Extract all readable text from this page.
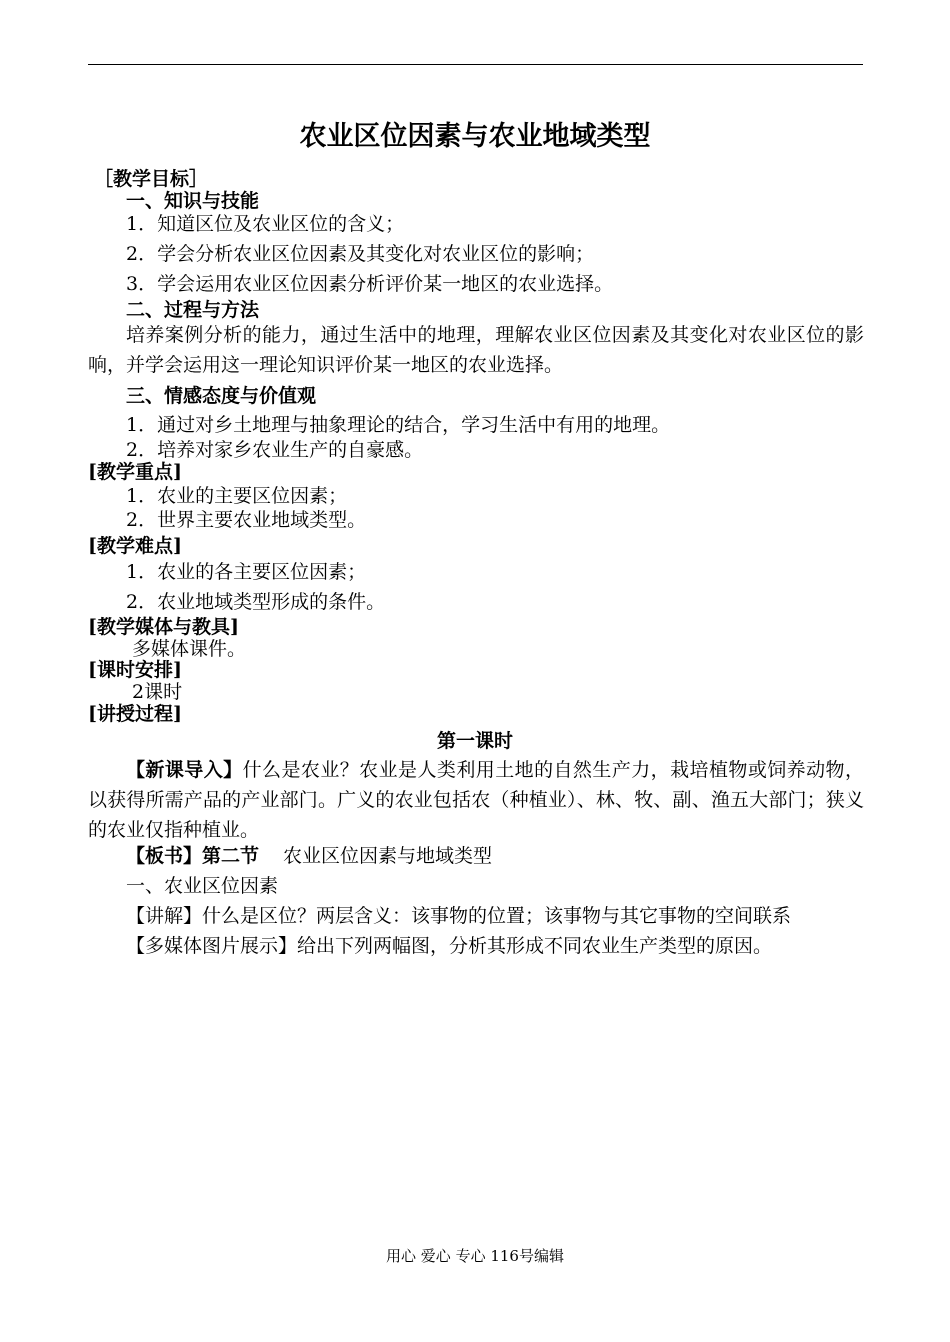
农业区位因素与农业地域类型
［教学目标］
一、知识与技能
1．知道区位及农业区位的含义；
2．学会分析农业区位因素及其变化对农业区位的影响；
3．学会运用农业区位因素分析评价某一地区的农业选择。
二、过程与方法
培养案例分析的能力，通过生活中的地理，理解农业区位因素及其变化对农业区位的影响，并学会运用这一理论知识评价某一地区的农业选择。
三、情感态度与价值观
1．通过对乡土地理与抽象理论的结合，学习生活中有用的地理。
2．培养对家乡农业生产的自豪感。
[教学重点]
1．农业的主要区位因素；
2．世界主要农业地域类型。
[教学难点]
1．农业的各主要区位因素；
2．农业地域类型形成的条件。
[教学媒体与教具]
多媒体课件。
[课时安排]
2课时
[讲授过程]
第一课时
【新课导入】什么是农业？农业是人类利用土地的自然生产力，栽培植物或饲养动物，以获得所需产品的产业部门。广义的农业包括农（种植业）、林、牧、副、渔五大部门；狭义的农业仅指种植业。
【板书】第二节 农业区位因素与地域类型
一、农业区位因素
【讲解】什么是区位？两层含义：该事物的位置；该事物与其它事物的空间联系
【多媒体图片展示】给出下列两幅图，分析其形成不同农业生产类型的原因。
用心 爱心 专心 116号编辑
